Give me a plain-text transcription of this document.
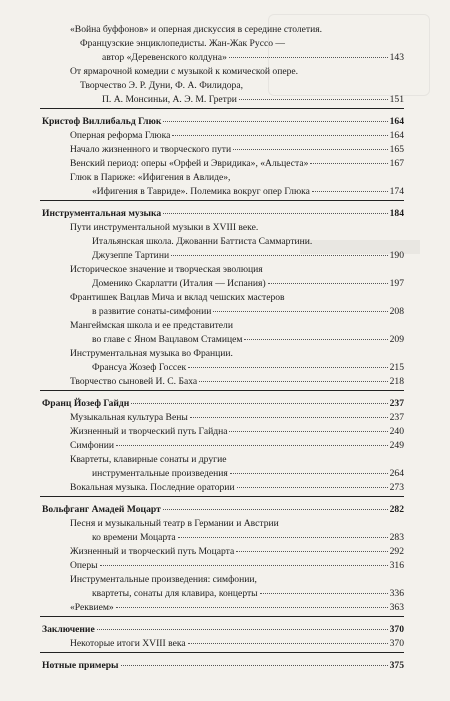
«Война буффонов» и оперная дискуссия в середине столетия.
Французские энциклопедисты. Жан-Жак Руссо —
автор «Деревенского колдуна»	143
От ярмарочной комедии с музыкой к комической опере.
Творчество Э. Р. Дуни, Ф. А. Филидора,
П. А. Монсиньи, А. Э. М. Гретри	151
Кристоф Виллибальд Глюк	164
Оперная реформа Глюка	164
Начало жизненного и творческого пути	165
Венский период: оперы «Орфей и Эвридика», «Альцеста»	167
Глюк в Париже: «Ифигения в Авлиде»,
«Ифигения в Тавриде». Полемика вокруг опер Глюка	174
Инструментальная музыка	184
Пути инструментальной музыки в XVIII веке.
Итальянская школа. Джованни Баттиста Саммартини.
Джузеппе Тартини	190
Историческое значение и творческая эволюция
Доменико Скарлатти (Италия — Испания)	197
Франтишек Вацлав Мича и вклад чешских мастеров
в развитие сонаты-симфонии	208
Мангеймская школа и ее представители
во главе с Яном Вацлавом Стамицем	209
Инструментальная музыка во Франции.
Франсуа Жозеф Госсек	215
Творчество сыновей И. С. Баха	218
Франц Йозеф Гайдн	237
Музыкальная культура Вены	237
Жизненный и творческий путь Гайдна	240
Симфонии	249
Квартеты, клавирные сонаты и другие
инструментальные произведения	264
Вокальная музыка. Последние оратории	273
Вольфганг Амадей Моцарт	282
Песня и музыкальный театр в Германии и Австрии
ко времени Моцарта	283
Жизненный и творческий путь Моцарта	292
Оперы	316
Инструментальные произведения: симфонии,
квартеты, сонаты для клавира, концерты	336
«Реквием»	363
Заключение	370
Некоторые итоги XVIII века	370
Нотные примеры	375
